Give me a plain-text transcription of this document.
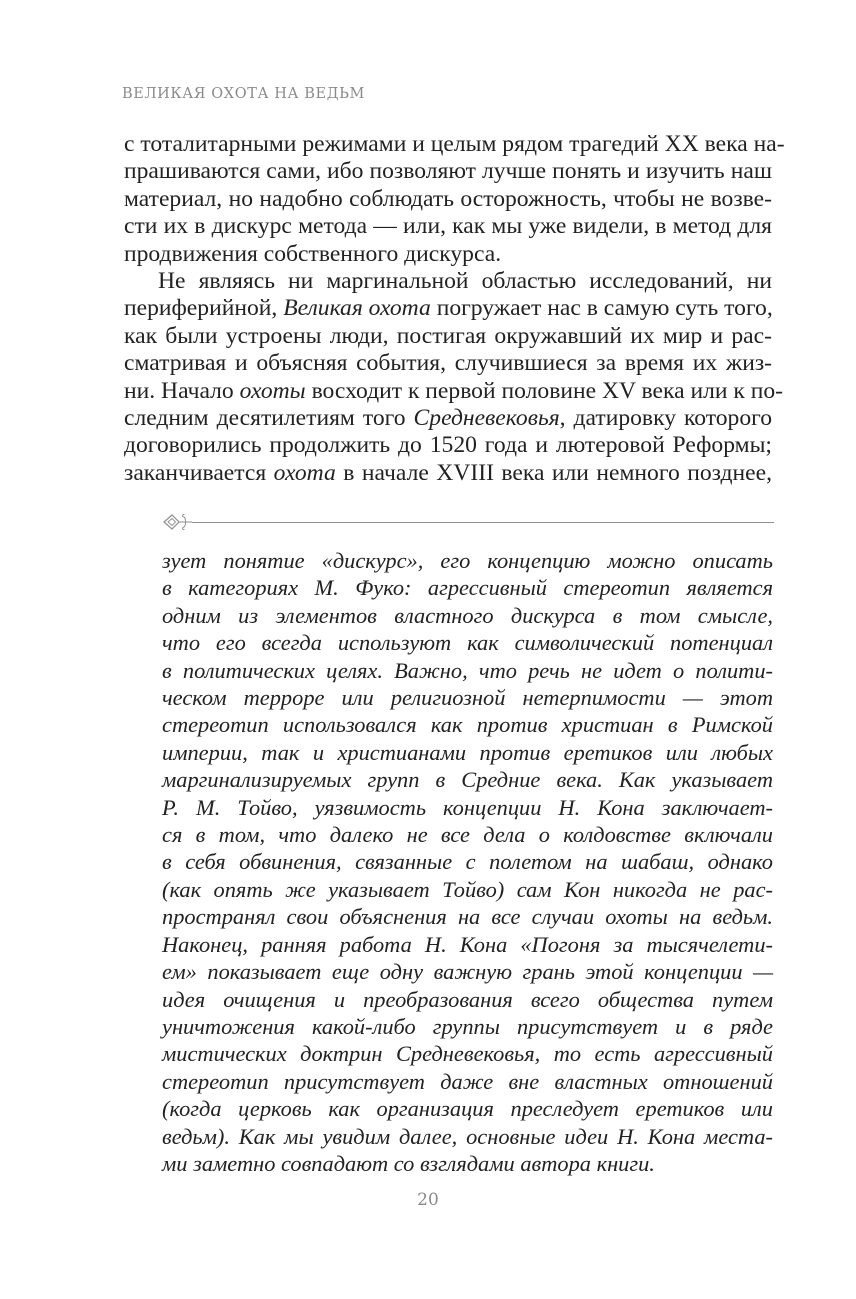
ВЕЛИКАЯ ОХОТА НА ВЕДЬМ

с тоталитарными режимами и целым рядом трагедий XX века на-
прашиваются сами, ибо позволяют лучше понять и изучить наш
материал, но надобно соблюдать осторожность, чтобы не возве-
сти их в дискурс метода — или, как мы уже видели, в метод для
продвижения собственного дискурса.

Не являясь ни маргинальной областью исследований, ни
периферийной, Великая охота погружает нас в самую суть того,
как были устроены люди, постигая окружавший их мир и рас-
сматривая и объясняя события, случившиеся за время их жиз-
ни. Начало охоты восходит к первой половине XV века или к по-
следним десятилетиям того Средневековья, датировку которого
договорились продолжить до 1520 года и лютеровой Реформы;
заканчивается охота в начале XVIII века или немного позднее,

зует понятие «дискурс», его концепцию можно описать
в категориях М. Фуко: агрессивный стереотип является
одним из элементов властного дискурса в том смысле,
что его всегда используют как символический потенциал
в политических целях. Важно, что речь не идет о полити-
ческом терроре или религиозной нетерпимости — этот
стереотип использовался как против христиан в Римской
империи, так и христианами против еретиков или любых
маргинализируемых групп в Средние века. Как указывает
Р. М. Тойво, уязвимость концепции Н. Кона заключает-
ся в том, что далеко не все дела о колдовстве включали
в себя обвинения, связанные с полетом на шабаш, однако
(как опять же указывает Тойво) сам Кон никогда не рас-
пространял свои объяснения на все случаи охоты на ведьм.
Наконец, ранняя работа Н. Кона «Погоня за тысячелети-
ем» показывает еще одну важную грань этой концепции —
идея очищения и преобразования всего общества путем
уничтожения какой-либо группы присутствует и в ряде
мистических доктрин Средневековья, то есть агрессивный
стереотип присутствует даже вне властных отношений
(когда церковь как организация преследует еретиков или
ведьм). Как мы увидим далее, основные идеи Н. Кона места-
ми заметно совпадают со взглядами автора книги.
20
